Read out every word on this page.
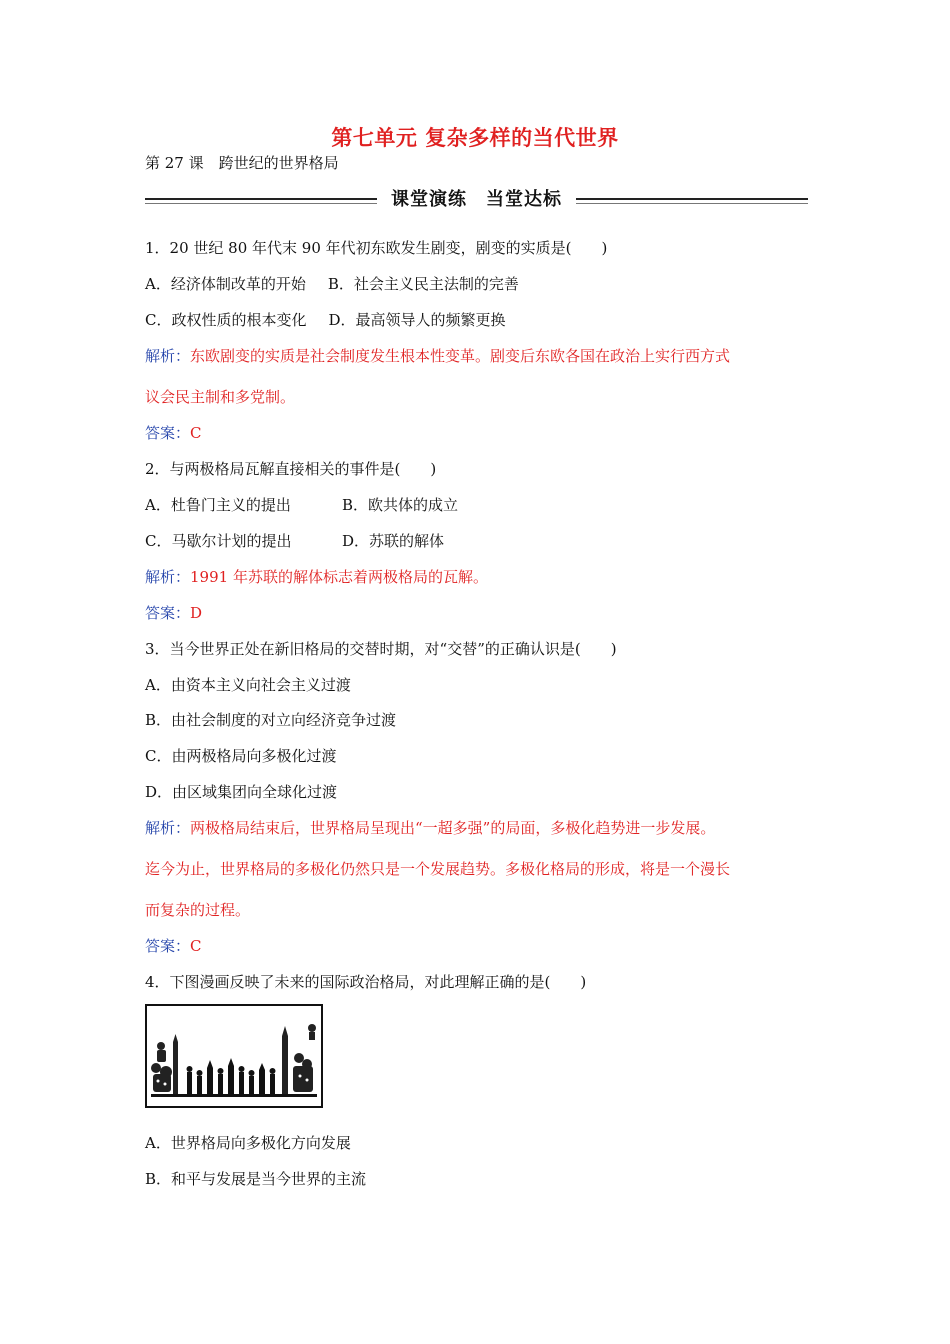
第七单元 复杂多样的当代世界
第 27 课　跨世纪的世界格局
课堂演练　当堂达标
1．20 世纪 80 年代末 90 年代初东欧发生剧变，剧变的实质是(　　)
A．经济体制改革的开始 B．社会主义民主法制的完善
C．政权性质的根本变化 D．最高领导人的频繁更换
解析：东欧剧变的实质是社会制度发生根本性变革。剧变后东欧各国在政治上实行西方式
议会民主制和多党制。
答案：C
2．与两极格局瓦解直接相关的事件是(　　)
A．杜鲁门主义的提出	B．欧共体的成立
C．马歇尔计划的提出	D．苏联的解体
解析：1991 年苏联的解体标志着两极格局的瓦解。
答案：D
3．当今世界正处在新旧格局的交替时期，对“交替”的正确认识是(　　)
A．由资本主义向社会主义过渡
B．由社会制度的对立向经济竞争过渡
C．由两极格局向多极化过渡
D．由区域集团向全球化过渡
解析：两极格局结束后，世界格局呈现出“一超多强”的局面，多极化趋势进一步发展。
迄今为止，世界格局的多极化仍然只是一个发展趋势。多极化格局的形成，将是一个漫长
而复杂的过程。
答案：C
4．下图漫画反映了未来的国际政治格局，对此理解正确的是(　　)
A．世界格局向多极化方向发展
B．和平与发展是当今世界的主流
